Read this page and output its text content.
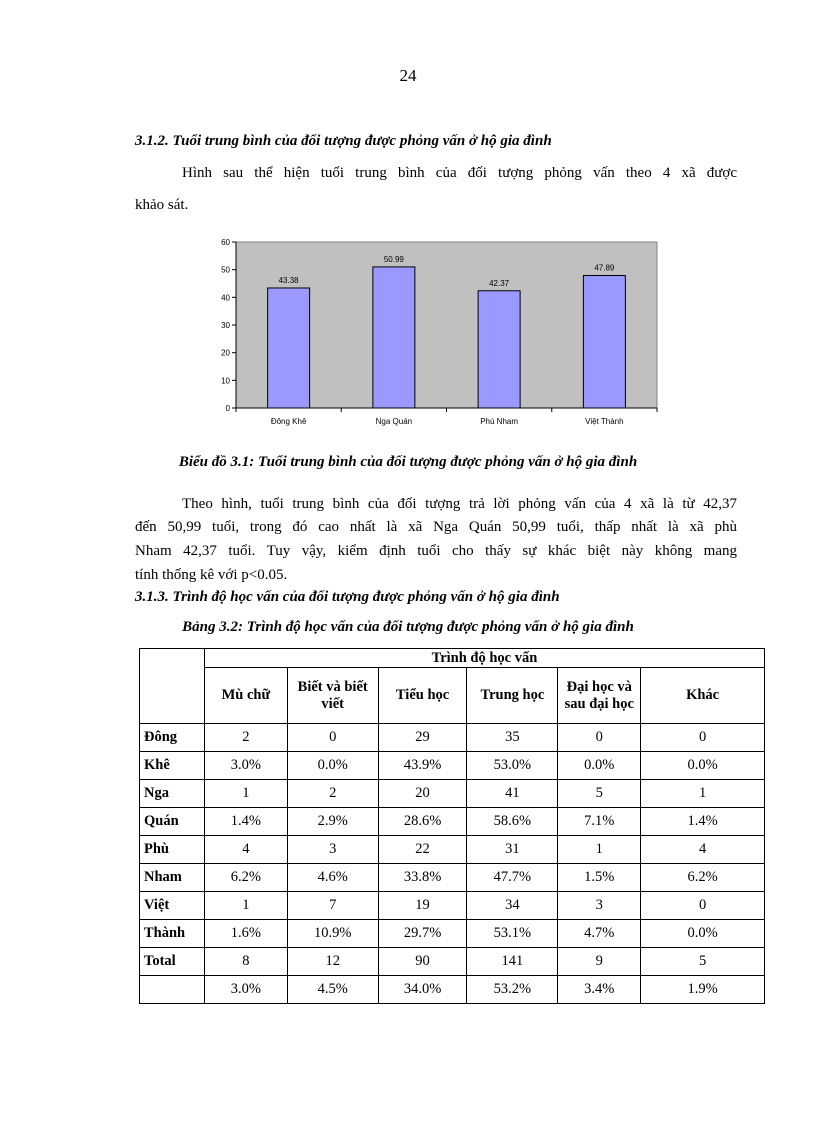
24
3.1.2. Tuổi trung bình của đối tượng được phỏng vấn ở hộ gia đình
Hình sau thể hiện tuổi trung bình của đối tượng phỏng vấn theo 4 xã được
khảo sát.
0
10
20
30
40
50
60
43.38
Đông Khê
50.99
Nga Quán
42.37
Phú Nham
47.89
Việt Thành
Biểu đồ 3.1: Tuổi trung bình của đối tượng được phỏng vấn ở hộ gia đình
Theo hình, tuổi trung bình của đối tượng trả lời phỏng vấn của 4 xã là từ 42,37
đến 50,99 tuổi, trong đó cao nhất là xã Nga Quán 50,99 tuổi, thấp nhất là xã phù
Nham 42,37 tuổi. Tuy vậy, kiểm định tuổi cho thấy sự khác biệt này không mang
tính thống kê với p<0.05.
3.1.3. Trình độ học vấn của đối tượng được phỏng vấn ở hộ gia đình
Bảng 3.2: Trình độ học vấn của đối tượng được phỏng vấn ở hộ gia đình
	Trình độ học vấn					
	Mù chữ	Biết và biết viết	Tiểu học	Trung học	Đại học và sau đại học	Khác
Đông	2	0	29	35	0	0
Khê	3.0%	0.0%	43.9%	53.0%	0.0%	0.0%
Nga	1	2	20	41	5	1
Quán	1.4%	2.9%	28.6%	58.6%	7.1%	1.4%
Phù	4	3	22	31	1	4
Nham	6.2%	4.6%	33.8%	47.7%	1.5%	6.2%
Việt	1	7	19	34	3	0
Thành	1.6%	10.9%	29.7%	53.1%	4.7%	0.0%
Total	8	12	90	141	9	5
	3.0%	4.5%	34.0%	53.2%	3.4%	1.9%
